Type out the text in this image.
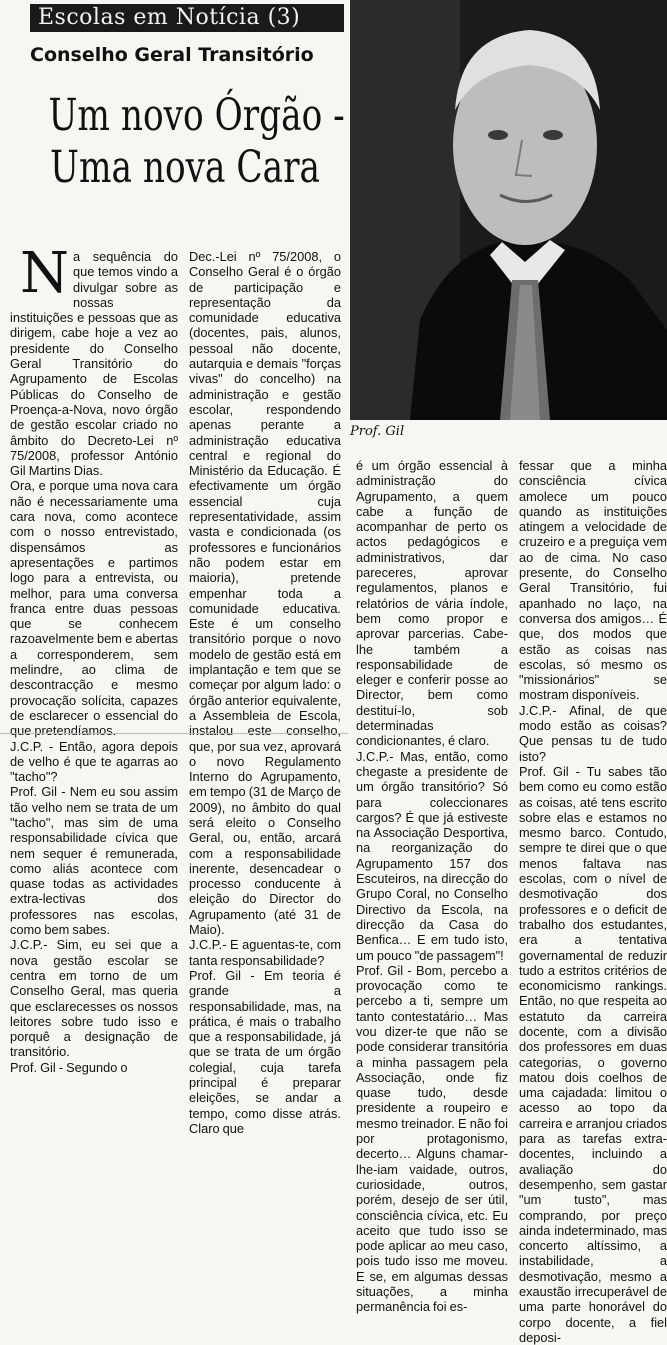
Escolas em Notícia (3)
Conselho Geral Transitório
Um novo Órgão -
Uma nova Cara
Prof. Gil
N a sequência do que temos vindo a divulgar sobre as nossas instituições e pessoas que as dirigem, cabe hoje a vez ao presidente do Conselho Geral Transitório do Agrupamento de Escolas Públicas do Conselho de Proença-a-Nova, novo órgão de gestão escolar criado no âmbito do Decreto-Lei nº 75/2008, professor António Gil Martins Dias.

Ora, e porque uma nova cara não é necessariamente uma cara nova, como acontece com o nosso entrevistado, dispensámos as apresentações e partimos logo para a entrevista, ou melhor, para uma conversa franca entre duas pessoas que se conhecem razoavelmente bem e abertas a corresponderem, sem melindre, ao clima de descontracção e mesmo provocação solícita, capazes de esclarecer o essencial do que pretendíamos.

J.C.P. - Então, agora depois de velho é que te agarras ao "tacho"?

Prof. Gil - Nem eu sou assim tão velho nem se trata de um "tacho", mas sim de uma responsabilidade cívica que nem sequer é remunerada, como aliás acontece com quase todas as actividades extra-lectivas dos professores nas escolas, como bem sabes.

J.C.P.- Sim, eu sei que a nova gestão escolar se centra em torno de um Conselho Geral, mas queria que esclarecesses os nossos leitores sobre tudo isso e porquê a designação de transitório.

Prof. Gil - Segundo o

Dec.-Lei nº 75/2008, o Conselho Geral é o órgão de participação e representação da comunidade educativa (docentes, pais, alunos, pessoal não docente, autarquia e demais "forças vivas" do concelho) na administração e gestão escolar, respondendo apenas perante a administração educativa central e regional do Ministério da Educação. É efectivamente um órgão essencial cuja representatividade, assim vasta e condicionada (os professores e funcionários não podem estar em maioria), pretende empenhar toda a comunidade educativa. Este é um conselho transitório porque o novo modelo de gestão está em implantação e tem que se começar por algum lado: o órgão anterior equivalente, a Assembleia de Escola, instalou este conselho, que, por sua vez, aprovará o novo Regulamento Interno do Agrupamento, em tempo (31 de Março de 2009), no âmbito do qual será eleito o Conselho Geral, ou, então, arcará com a responsabilidade inerente, desencadear o processo conducente à eleição do Director do Agrupamento (até 31 de Maio).

J.C.P.- E aguentas-te, com tanta responsabilidade?

Prof. Gil - Em teoria é grande a responsabilidade, mas, na prática, é mais o trabalho que a responsabilidade, já que se trata de um órgão colegial, cuja tarefa principal é preparar eleições, se andar a tempo, como disse atrás. Claro que

é um órgão essencial à administração do Agrupamento, a quem cabe a função de acompanhar de perto os actos pedagógicos e administrativos, dar pareceres, aprovar regulamentos, planos e relatórios de vária índole, bem como propor e aprovar parcerias. Cabe-lhe também a responsabilidade de eleger e conferir posse ao Director, bem como destituí-lo, sob determinadas condicionantes, é claro.

J.C.P.- Mas, então, como chegaste a presidente de um órgão transitório? Só para coleccionares cargos? É que já estiveste na Associação Desportiva, na reorganização do Agrupamento 157 dos Escuteiros, na direcção do Grupo Coral, no Conselho Directivo da Escola, na direcção da Casa do Benfica… E em tudo isto, um pouco "de passagem"!

Prof. Gil - Bom, percebo a provocação como te percebo a ti, sempre um tanto contestatário… Mas vou dizer-te que não se pode considerar transitória a minha passagem pela Associação, onde fiz quase tudo, desde presidente a roupeiro e mesmo treinador. E não foi por protagonismo, decerto… Alguns chamar-lhe-iam vaidade, outros, curiosidade, outros, porém, desejo de ser útil, consciência cívica, etc. Eu aceito que tudo isso se pode aplicar ao meu caso, pois tudo isso me moveu. E se, em algumas dessas situações, a minha permanência foi es-

fessar que a minha consciência cívica amolece um pouco quando as instituições atingem a velocidade de cruzeiro e a preguiça vem ao de cima. No caso presente, do Conselho Geral Transitório, fui apanhado no laço, na conversa dos amigos… É que, dos modos que estão as coisas nas escolas, só mesmo os "missionários" se mostram disponíveis.

J.C.P.- Afinal, de que modo estão as coisas? Que pensas tu de tudo isto?

Prof. Gil - Tu sabes tão bem como eu como estão as coisas, até tens escrito sobre elas e estamos no mesmo barco. Contudo, sempre te direi que o que menos faltava nas escolas, com o nível de desmotivação dos professores e o deficit de trabalho dos estudantes, era a tentativa governamental de reduzir tudo a estritos critérios de economicismo rankings. Então, no que respeita ao estatuto da carreira docente, com a divisão dos professores em duas categorias, o governo matou dois coelhos de uma cajadada: limitou o acesso ao topo da carreira e arranjou criados para as tarefas extra-docentes, incluindo a avaliação do desempenho, sem gastar "um tusto", mas comprando, por preço ainda indeterminado, mas concerto altíssimo, a instabilidade, a desmotivação, mesmo a exaustão irrecuperável de uma parte honorável do corpo docente, a fiel deposi-
